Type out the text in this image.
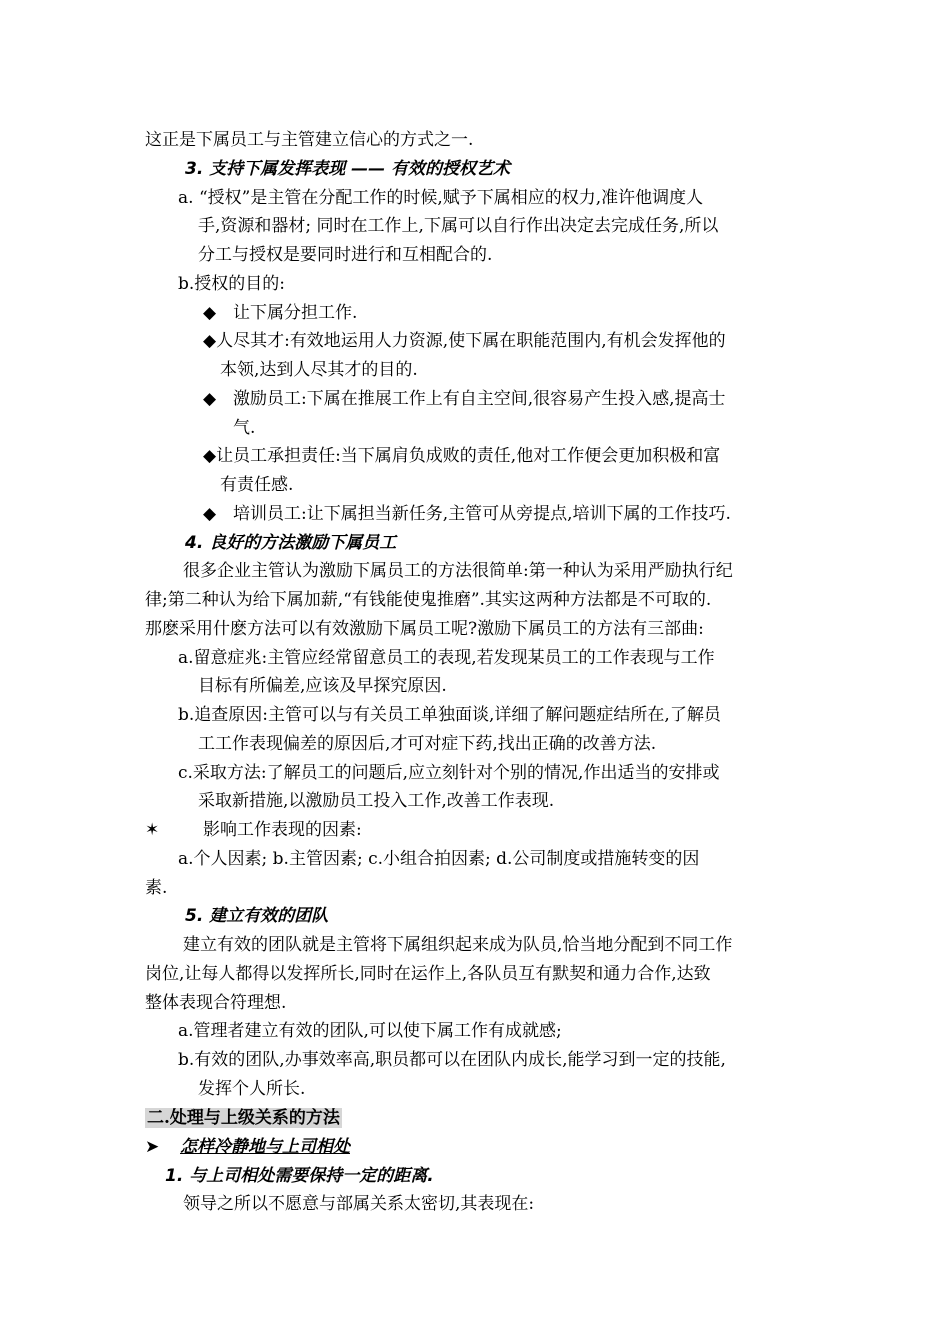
这正是下属员工与主管建立信心的方式之一.
3. 支持下属发挥表现 —— 有效的授权艺术
a. “授权”是主管在分配工作的时候,赋予下属相应的权力,准许他调度人
手,资源和器材; 同时在工作上,下属可以自行作出决定去完成任务,所以
分工与授权是要同时进行和互相配合的.
b.授权的目的:
◆ 让下属分担工作.
◆人尽其才:有效地运用人力资源,使下属在职能范围内,有机会发挥他的
本领,达到人尽其才的目的.
◆ 激励员工:下属在推展工作上有自主空间,很容易产生投入感,提高士
气.
◆让员工承担责任:当下属肩负成败的责任,他对工作便会更加积极和富
有责任感.
◆ 培训员工:让下属担当新任务,主管可从旁提点,培训下属的工作技巧.
4. 良好的方法激励下属员工
很多企业主管认为激励下属员工的方法很简单:第一种认为采用严励执行纪
律;第二种认为给下属加薪,“有钱能使鬼推磨”.其实这两种方法都是不可取的.
那麽采用什麽方法可以有效激励下属员工呢?激励下属员工的方法有三部曲:
a.留意症兆:主管应经常留意员工的表现,若发现某员工的工作表现与工作
目标有所偏差,应该及早探究原因.
b.追查原因:主管可以与有关员工单独面谈,详细了解问题症结所在,了解员
工工作表现偏差的原因后,才可对症下药,找出正确的改善方法.
c.采取方法:了解员工的问题后,应立刻针对个别的情况,作出适当的安排或
采取新措施,以激励员工投入工作,改善工作表现.
✶	影响工作表现的因素:
a.个人因素; b.主管因素; c.小组合拍因素; d.公司制度或措施转变的因
素.
5. 建立有效的团队
建立有效的团队就是主管将下属组织起来成为队员,恰当地分配到不同工作
岗位,让每人都得以发挥所长,同时在运作上,各队员互有默契和通力合作,达致
整体表现合符理想.
a.管理者建立有效的团队,可以使下属工作有成就感;
b.有效的团队,办事效率高,职员都可以在团队内成长,能学习到一定的技能,
发挥个人所长.
二.处理与上级关系的方法
➤ 怎样冷静地与上司相处
1. 与上司相处需要保持一定的距离.
领导之所以不愿意与部属关系太密切,其表现在:
